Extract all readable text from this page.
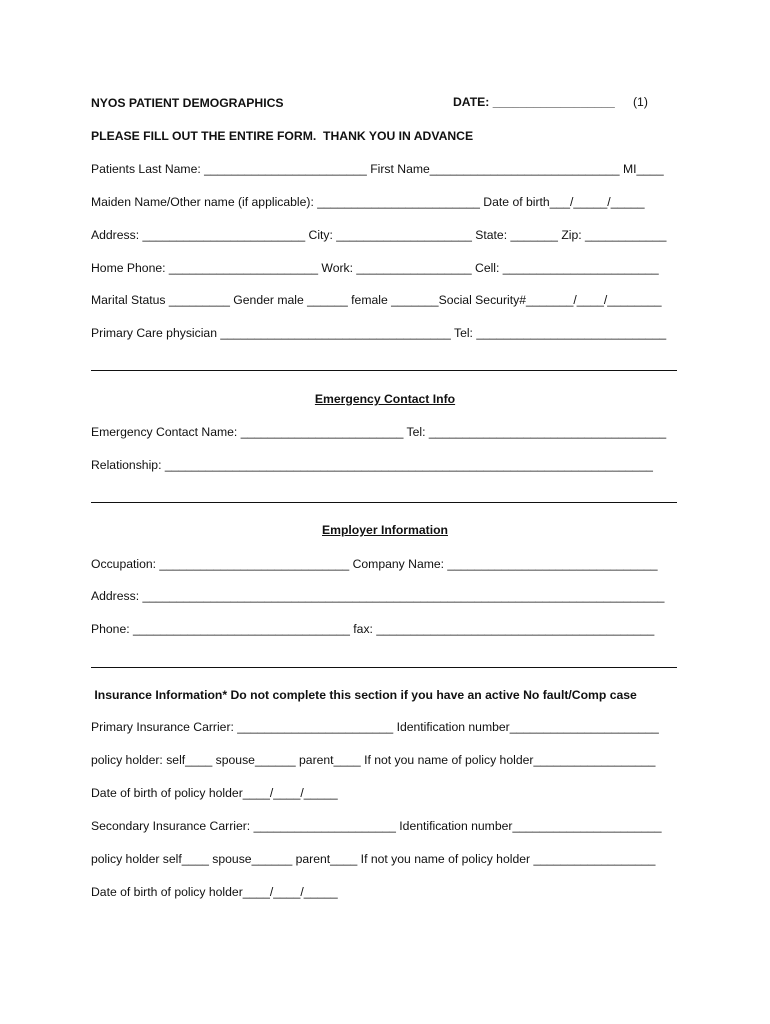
NYOS PATIENT DEMOGRAPHICS	DATE: __________________ (1)
PLEASE FILL OUT THE ENTIRE FORM.  THANK YOU IN ADVANCE
Patients Last Name: ________________________ First Name____________________________ MI____
Maiden Name/Other name (if applicable): ________________________ Date of birth___/_____/_____
Address: ________________________ City: ____________________ State: _______ Zip: ____________
Home Phone: ______________________ Work: _________________ Cell: _______________________
Marital Status _________ Gender male ______ female _______Social Security#_______/____/________
Primary Care physician __________________________________ Tel: ____________________________
Emergency Contact Info
Emergency Contact Name: ________________________ Tel: ___________________________________
Relationship: ________________________________________________________________________
Employer Information
Occupation: ____________________________ Company Name: _______________________________
Address: _____________________________________________________________________________
Phone: ________________________________ fax: _________________________________________
Insurance Information* Do not complete this section if you have an active No fault/Comp case
Primary Insurance Carrier: _______________________ Identification number______________________
policy holder: self____ spouse______ parent____ If not you name of policy holder__________________
Date of birth of policy holder____/____/_____
Secondary Insurance Carrier: _____________________ Identification number______________________
policy holder self____ spouse______ parent____ If not you name of policy holder __________________
Date of birth of policy holder____/____/_____
